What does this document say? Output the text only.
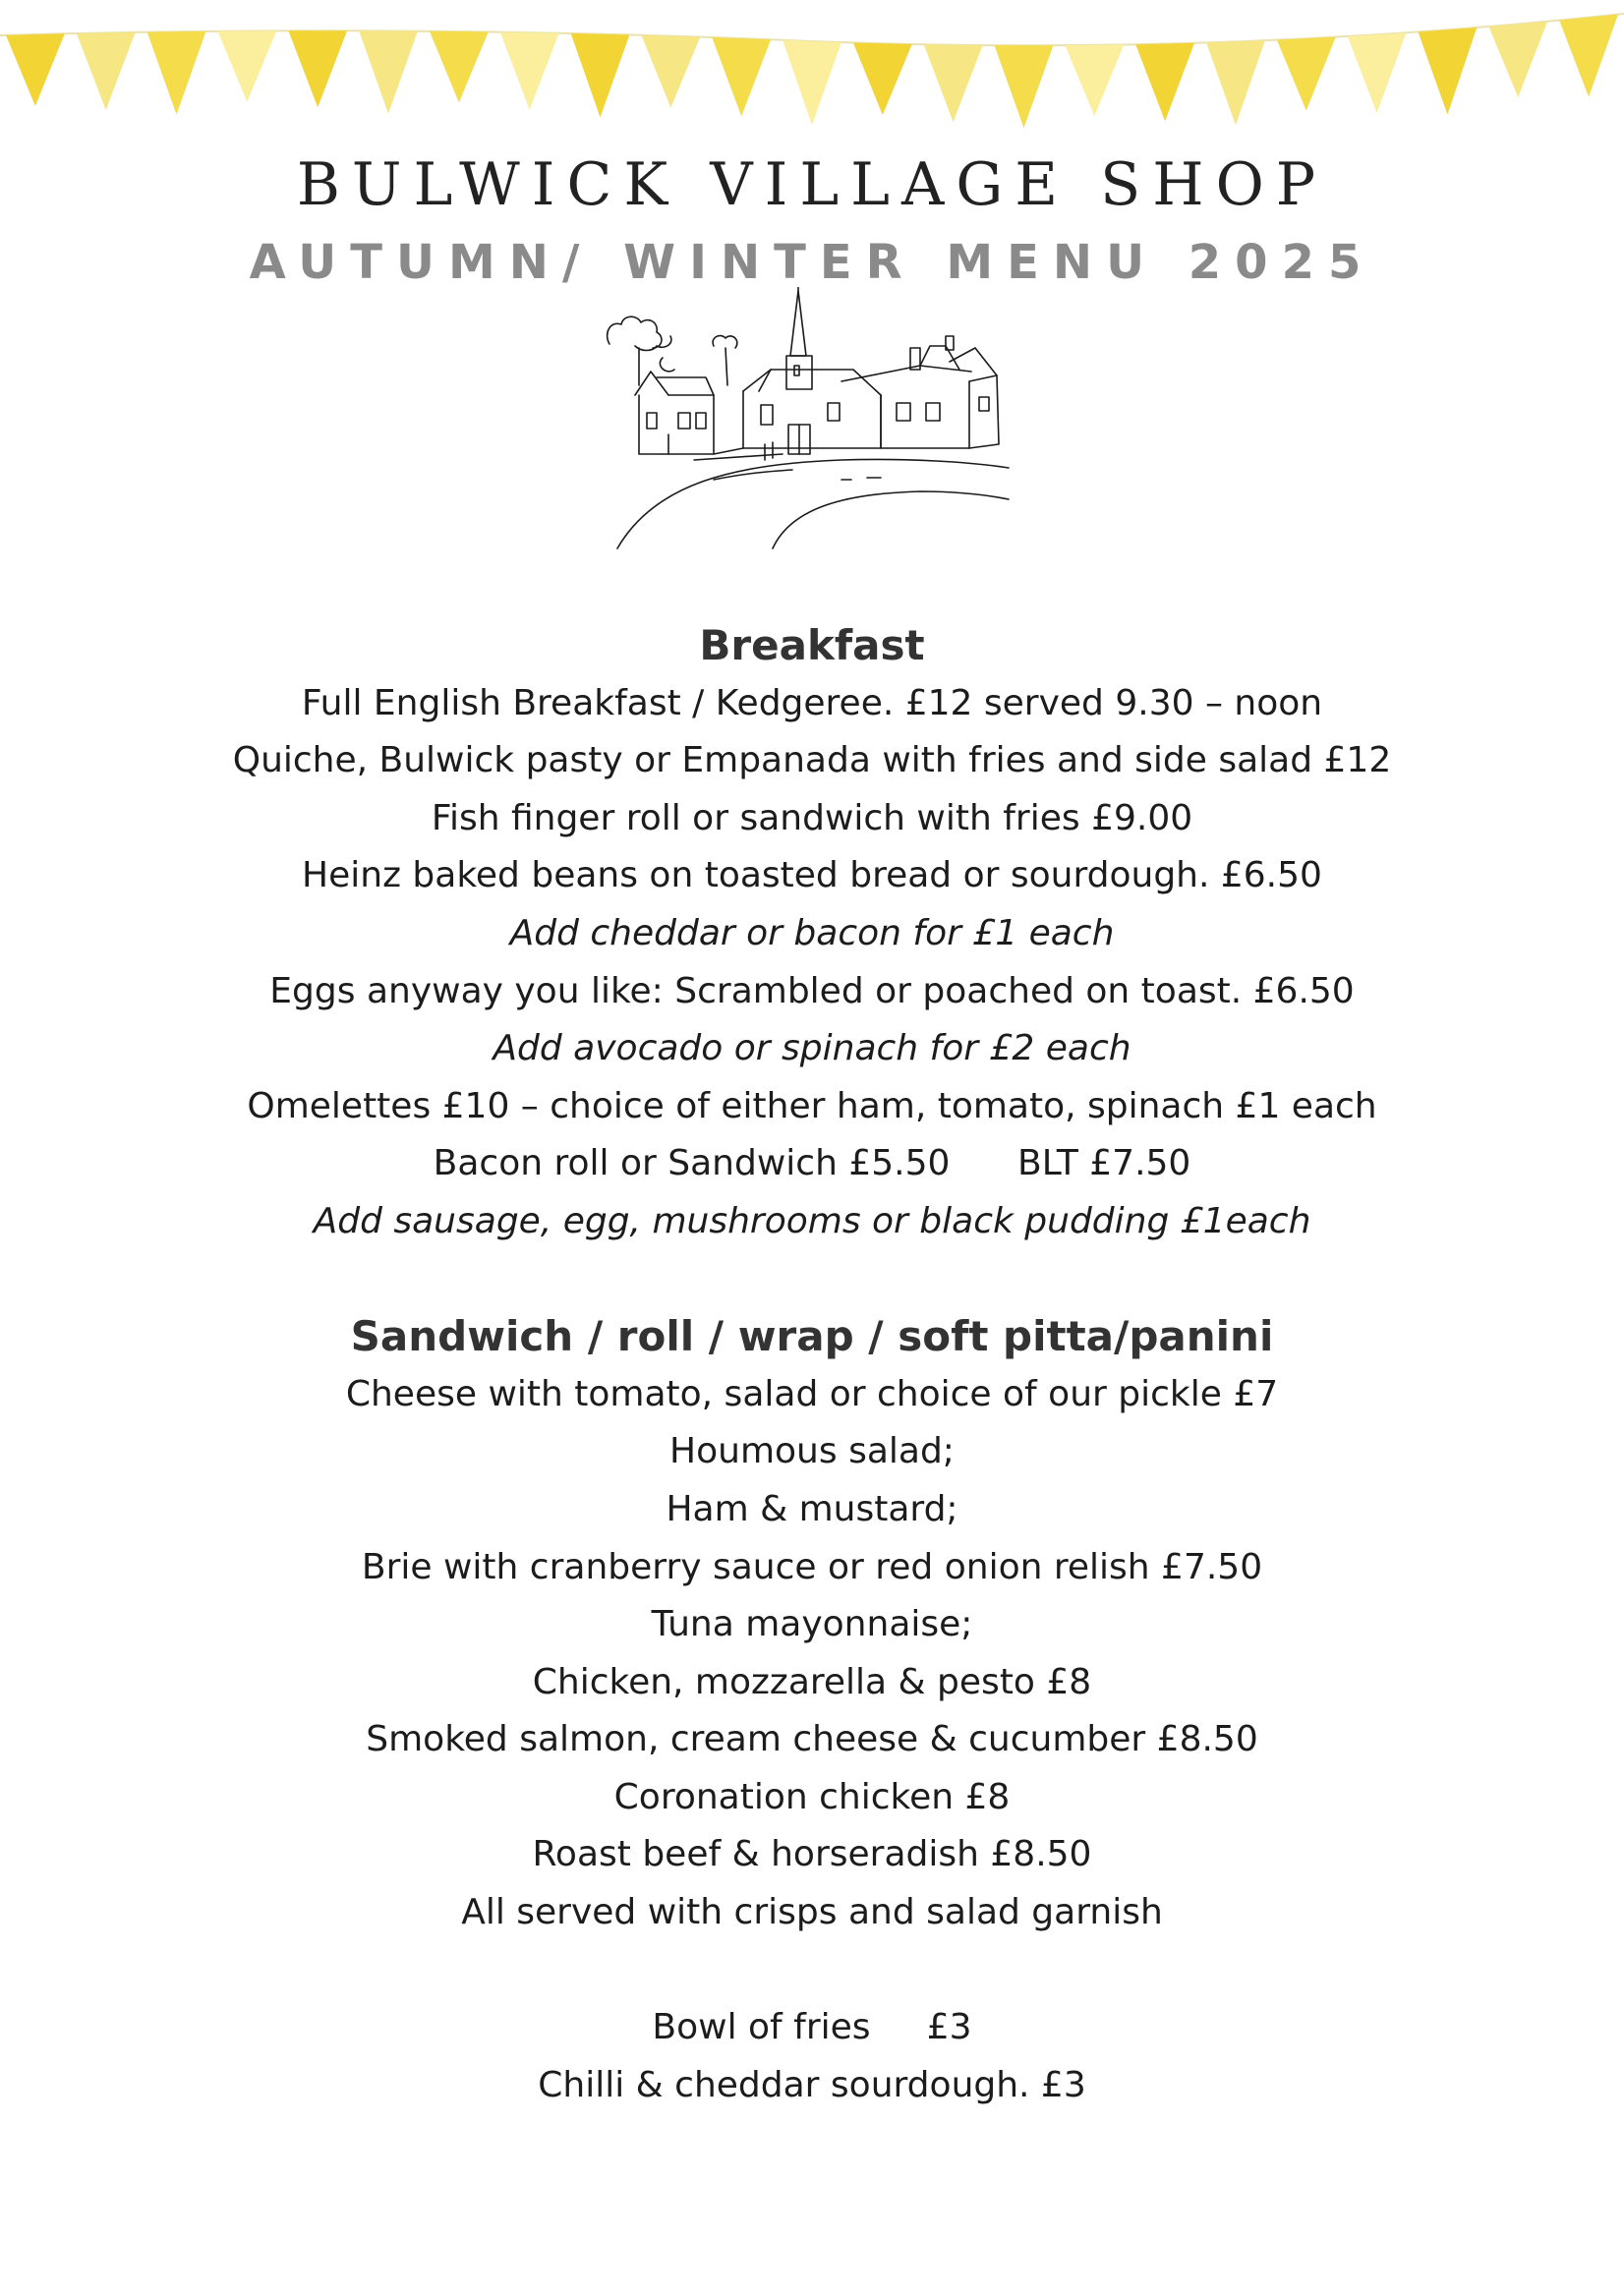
BULWICK VILLAGE SHOP
AUTUMN/ WINTER MENU 2025
Breakfast
Full English Breakfast / Kedgeree. £12 served 9.30 – noon
Quiche, Bulwick pasty or Empanada with fries and side salad £12
Fish finger roll or sandwich with fries £9.00
Heinz baked beans on toasted bread or sourdough. £6.50
Add cheddar or bacon for £1 each
Eggs anyway you like: Scrambled or poached on toast. £6.50
Add avocado or spinach for £2 each
Omelettes £10 – choice of either ham, tomato, spinach £1 each
Bacon roll or Sandwich £5.50      BLT £7.50
Add sausage, egg, mushrooms or black pudding £1each
Sandwich / roll / wrap / soft pitta/panini
Cheese with tomato, salad or choice of our pickle £7
Houmous salad;
Ham & mustard;
Brie with cranberry sauce or red onion relish £7.50
Tuna mayonnaise;
Chicken, mozzarella & pesto £8
Smoked salmon, cream cheese & cucumber £8.50
Coronation chicken £8
Roast beef & horseradish £8.50
All served with crisps and salad garnish
Bowl of fries     £3
Chilli & cheddar sourdough. £3
